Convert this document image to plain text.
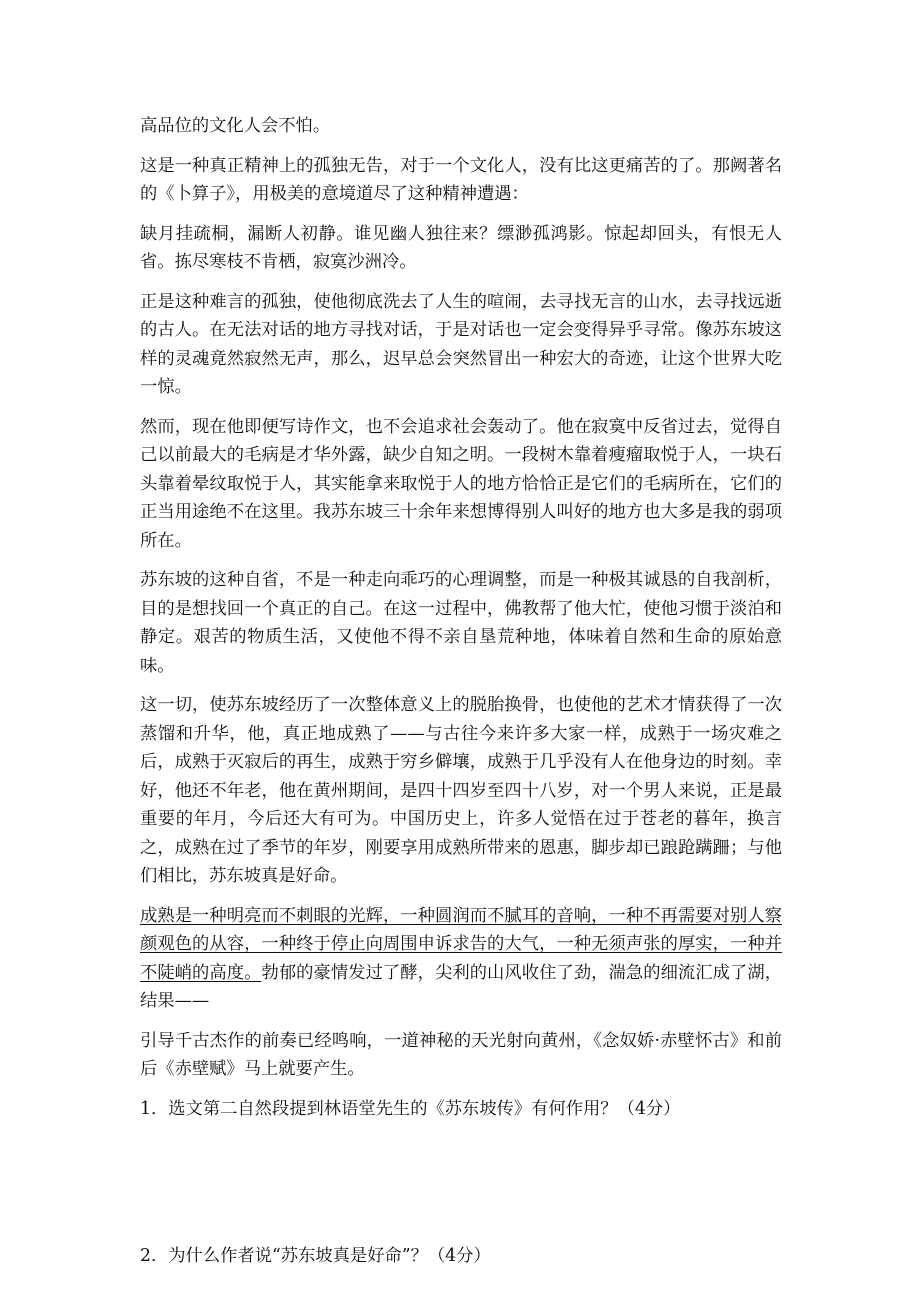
高品位的文化人会不怕。

这是一种真正精神上的孤独无告，对于一个文化人，没有比这更痛苦的了。那阙著名的《卜算子》，用极美的意境道尽了这种精神遭遇：

缺月挂疏桐，漏断人初静。谁见幽人独往来？缥渺孤鸿影。惊起却回头，有恨无人省。拣尽寒枝不肯栖，寂寞沙洲冷。

正是这种难言的孤独，使他彻底洗去了人生的喧闹，去寻找无言的山水，去寻找远逝的古人。在无法对话的地方寻找对话，于是对话也一定会变得异乎寻常。像苏东坡这样的灵魂竟然寂然无声，那么，迟早总会突然冒出一种宏大的奇迹，让这个世界大吃一惊。

然而，现在他即便写诗作文，也不会追求社会轰动了。他在寂寞中反省过去，觉得自己以前最大的毛病是才华外露，缺少自知之明。一段树木靠着瘦瘤取悦于人，一块石头靠着晕纹取悦于人，其实能拿来取悦于人的地方恰恰正是它们的毛病所在，它们的正当用途绝不在这里。我苏东坡三十余年来想博得别人叫好的地方也大多是我的弱项所在。

苏东坡的这种自省，不是一种走向乖巧的心理调整，而是一种极其诚恳的自我剖析，目的是想找回一个真正的自己。在这一过程中，佛教帮了他大忙，使他习惯于淡泊和静定。艰苦的物质生活，又使他不得不亲自垦荒种地，体味着自然和生命的原始意味。

这一切，使苏东坡经历了一次整体意义上的脱胎换骨，也使他的艺术才情获得了一次蒸馏和升华，他，真正地成熟了——与古往今来许多大家一样，成熟于一场灾难之后，成熟于灭寂后的再生，成熟于穷乡僻壤，成熟于几乎没有人在他身边的时刻。幸好，他还不年老，他在黄州期间，是四十四岁至四十八岁，对一个男人来说，正是最重要的年月，今后还大有可为。中国历史上，许多人觉悟在过于苍老的暮年，换言之，成熟在过了季节的年岁，刚要享用成熟所带来的恩惠，脚步却已踉跄蹒跚；与他们相比，苏东坡真是好命。

成熟是一种明亮而不刺眼的光辉，一种圆润而不腻耳的音响，一种不再需要对别人察颜观色的从容，一种终于停止向周围申诉求告的大气，一种无须声张的厚实，一种并不陡峭的高度。勃郁的豪情发过了酵，尖利的山风收住了劲，湍急的细流汇成了湖，结果——

引导千古杰作的前奏已经鸣响，一道神秘的天光射向黄州，《念奴娇·赤壁怀古》和前后《赤壁赋》马上就要产生。

1．选文第二自然段提到林语堂先生的《苏东坡传》有何作用？（4分）

2．为什么作者说“苏东坡真是好命”？（4分）
